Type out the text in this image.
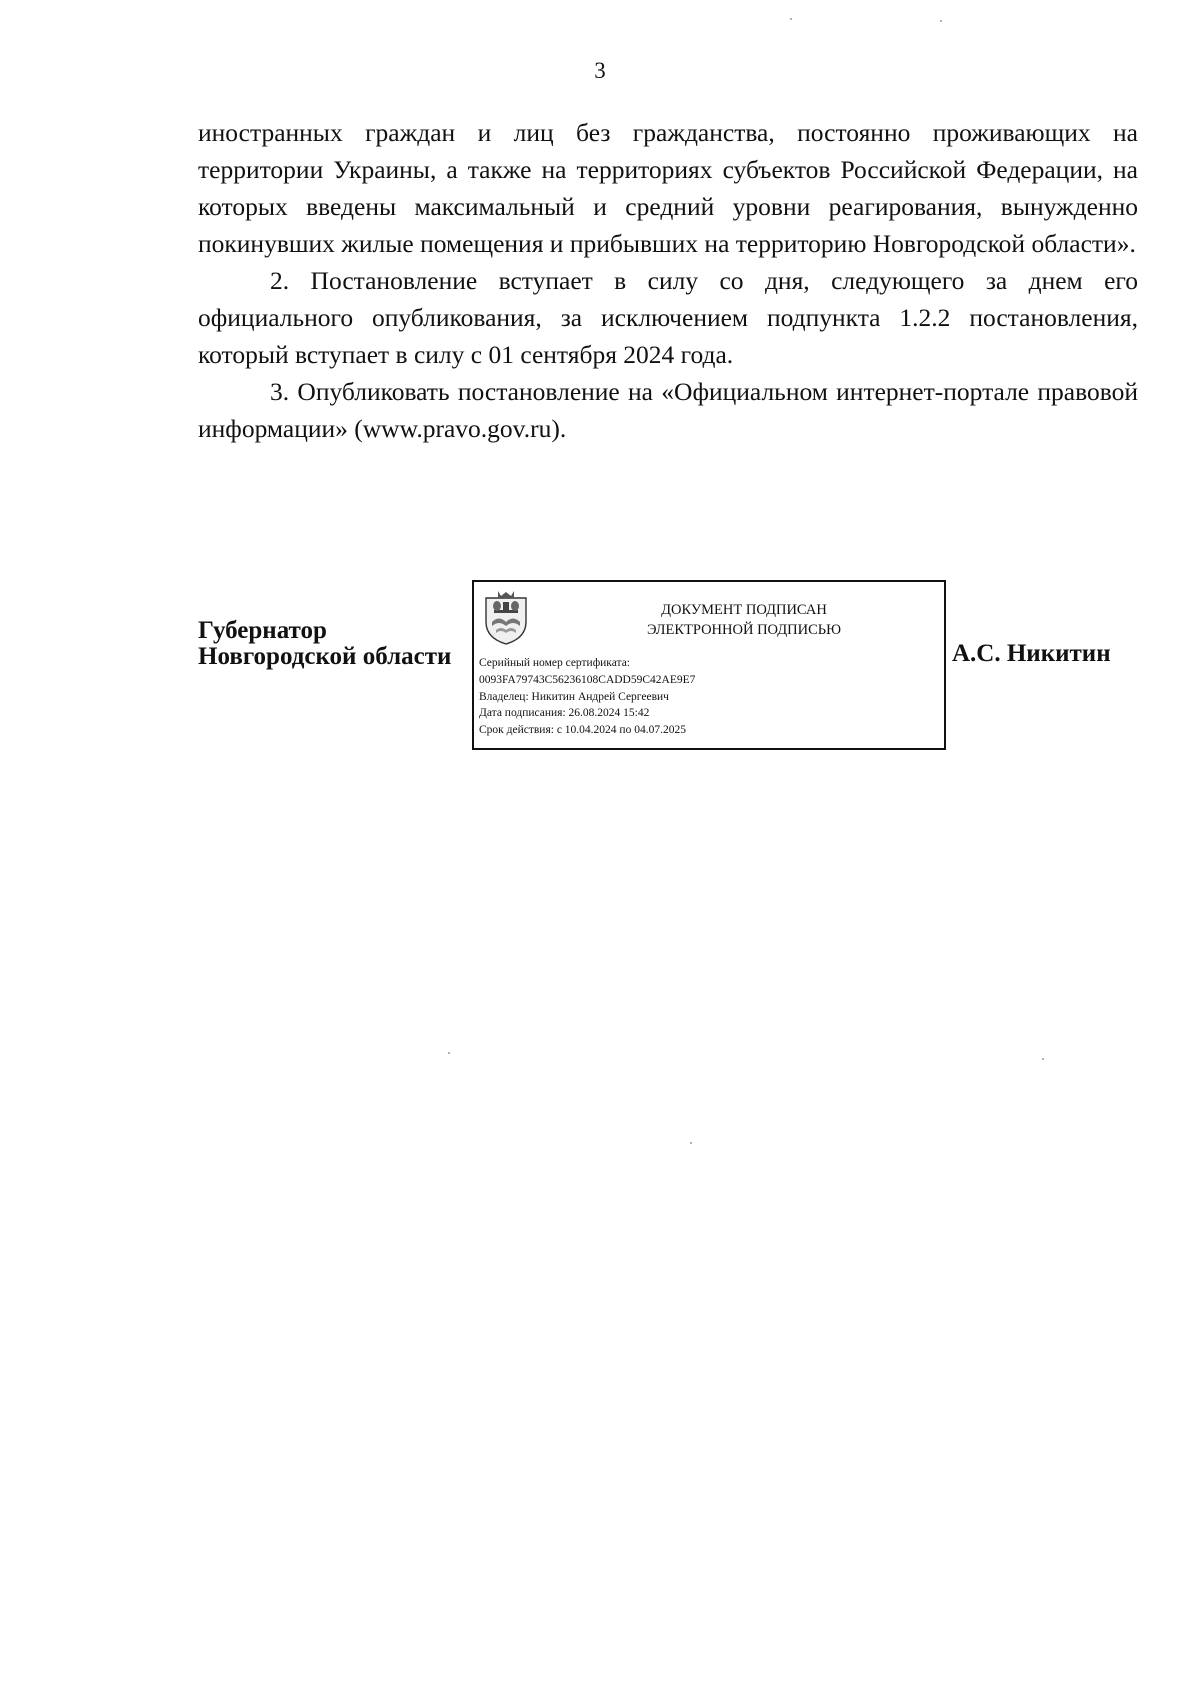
3

иностранных граждан и лиц без гражданства, постоянно проживающих на территории Украины, а также на территориях субъектов Российской Федерации, на которых введены максимальный и средний уровни реагирования, вынужденно покинувших жилые помещения и прибывших на территорию Новгородской области».

2. Постановление вступает в силу со дня, следующего за днем его официального опубликования, за исключением подпункта 1.2.2 постановления, который вступает в силу с 01 сентября 2024 года.

3. Опубликовать постановление на «Официальном интернет-портале правовой информации» (www.pravo.gov.ru).

Губернатор
Новгородской области
ДОКУМЕНТ ПОДПИСАН
ЭЛЕКТРОННОЙ ПОДПИСЬЮ
Серийный номер сертификата:
0093FA79743C56236108CADD59C42AE9E7
Владелец: Никитин Андрей Сергеевич
Дата подписания: 26.08.2024 15:42
Срок действия: с 10.04.2024 по 04.07.2025
А.С. Никитин
